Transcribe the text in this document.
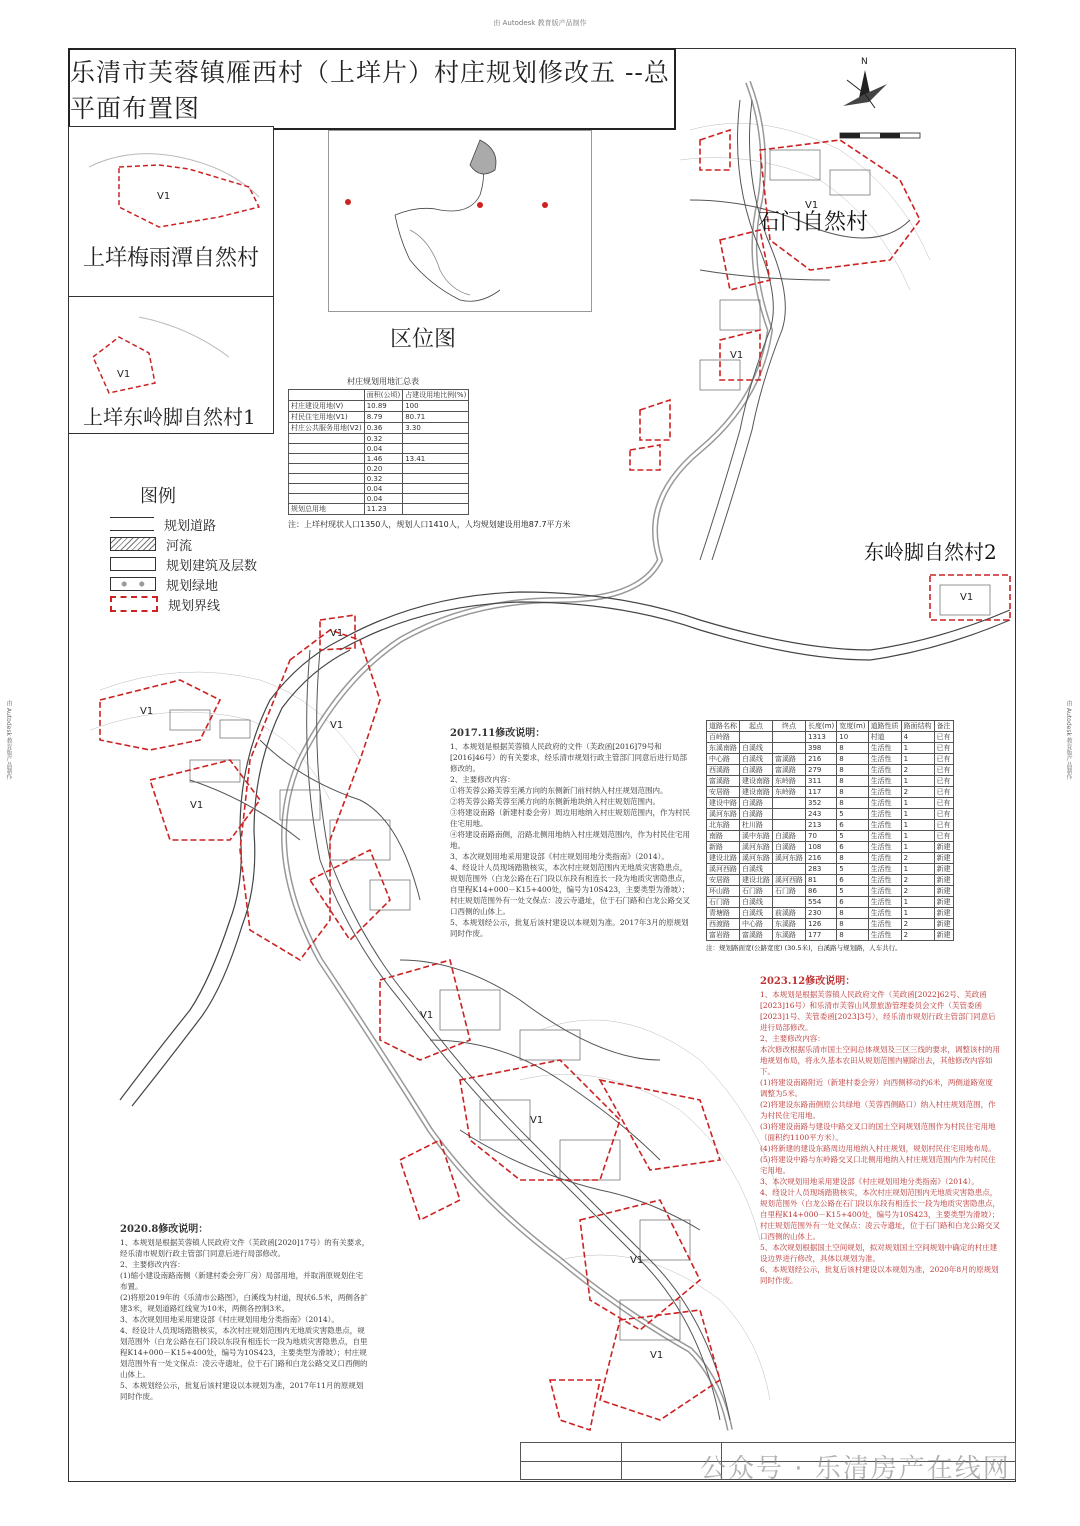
由 Autodesk 教育版产品制作
由 Autodesk 教育版产品制作	由 Autodesk 教育版产品制作
N
乐清市芙蓉镇雁西村（上垟片）村庄规划修改五 --总平面布置图
V1
上垟梅雨潭自然村
区位图
V1
上垟东岭脚自然村1
石门自然村
东岭脚自然村2
V1
V1
V1
V1
V1
V1
V1
V1
V1
V1
V1
图例
规划道路
河流
规划建筑及层数
规划绿地
规划界线
村庄规划用地汇总表
	面积(公顷)	占建设用地比例(%)
村庄建设用地(V)	10.89	100
村民住宅用地(V1)	8.79	80.71
村庄公共服务用地(V2)	0.36	3.30
	0.32	
	0.04	
	1.46	13.41
	0.20	
	0.32	
	0.04	
	0.04	
规划总用地	11.23	
注：上垟村现状人口1350人，规划人口1410人，人均规划建设用地87.7平方米
道路名称	起点	终点	长度(m)	宽度(m)	道路性质	路面结构	备注
百岭路			1313	10	村道	4	已有
东溪南路	白溪线		398	8	生活性	1	已有
中心路	白溪线	富溪路	216	8	生活性	1	已有
西溪路	白溪路	富溪路	279	8	生活性	2	已有
富溪路	建设南路	东岭路	311	8	生活性	1	已有
安居路	建设南路	东岭路	117	8	生活性	2	已有
建设中路	白溪路		352	8	生活性	1	已有
溪河东路	白溪路		243	5	生活性	1	已有
北东路	杜川路		213	6	生活性	1	已有
南路	溪中东路	白溪路	70	5	生活性	1	已有
新路	溪河东路	白溪路	108	6	生活性	1	新建
建设北路	溪河东路	溪河东路	216	8	生活性	2	新建
溪河西路	白溪线		283	5	生活性	1	新建
安居路	建设北路	溪河西路	81	6	生活性	2	新建
环山路	石门路	石门路	86	5	生活性	2	新建
石门路	白溪线		554	6	生活性	1	新建
青塘路	白溪线	前溪路	230	8	生活性	1	新建
西渡路	中心路	东溪路	126	8	生活性	2	新建
富岩路	富溪路	东溪路	177	8	生活性	2	新建
注：规划路面宽(公路宽度) (30.5米)，白溪路与规划路，人车共行。
2017.11修改说明：
1、本规划是根据芙蓉镇人民政府的文件（芙政函[2016]79号和[2016]46号）的有关要求，经乐清市规划行政主管部门同意后进行局部修改的。
2、主要修改内容：
①将芙蓉公路芙蓉至溪方向的东侧新门前村纳入村庄规划范围内。
②将芙蓉公路芙蓉至溪方向的东侧新地块纳入村庄规划范围内。
③将建设南路（新建村委会旁）周边用地纳入村庄规划范围内，作为村民住宅用地。
④将建设南路南侧，沿路北侧用地纳入村庄规划范围内，作为村民住宅用地。
3、本次规划用地采用建设部《村庄规划用地分类指南》（2014）。
4、经设计人员现场踏勘核实，本次村庄规划范围内无地质灾害隐患点，规划范围外（白龙公路在石门段以东段有相连长一段为地质灾害隐患点，自里程K14+000－K15+400处，编号为10S423，主要类型为滑坡）；村庄规划范围外有一处文保点：凌云寺遗址，位于石门路和白龙公路交叉口西侧的山体上。
5、本规划经公示，批复后该村建设以本规划为准。2017年3月的原规划同时作废。
2023.12修改说明：
1、本规划是根据芙蓉镇人民政府文件（芙政函[2022]62号、芙政函[2023]16号）和乐清市芙蓉山风景旅游管理委员会文件（芙管委函[2023]1号、芙管委函[2023]3号），经乐清市规划行政主管部门同意后进行局部修改。
2、主要修改内容：
本次修改根据乐清市国土空间总体规划及三区三线的要求，调整该村的用地规划布局，将永久基本农田从规划范围内剔除出去，其他修改内容如下。
(1)将建设南路附近（新建村委会旁）向西侧移动约6米，两侧道路宽度调整为5米。
(2)将建设东路南侧原公共绿地（芙蓉西侧路口）纳入村庄规划范围，作为村民住宅用地。
(3)将建设南路与建设中路交叉口的国土空间规划范围作为村民住宅用地（面积约1100平方米）。
(4)将新建的建设东路周边用地纳入村庄规划，规划村民住宅用地布局。
(5)将建设中路与东岭路交叉口北侧用地纳入村庄规划范围内作为村民住宅用地。
3、本次规划用地采用建设部《村庄规划用地分类指南》（2014）。
4、经设计人员现场踏勘核实，本次村庄规划范围内无地质灾害隐患点，规划范围外（白龙公路在石门段以东段有相连长一段为地质灾害隐患点，自里程K14+000－K15+400处，编号为10S423，主要类型为滑坡）；村庄规划范围外有一处文保点：凌云寺遗址，位于石门路和白龙公路交叉口西侧的山体上。
5、本次规划根据国土空间规划，拟对规划国土空间规划中确定的村庄建设边界进行修改，具体以规划为准。
6、本规划经公示，批复后该村建设以本规划为准，2020年8月的原规划同时作废。
2020.8修改说明：
1、本规划是根据芙蓉镇人民政府文件（芙政函[2020]17号）的有关要求，经乐清市规划行政主管部门同意后进行局部修改。
2、主要修改内容：
(1)缩小建设南路南侧（新建村委会旁厂房）局部用地，并取消原规划住宅布置。
(2)将原2019年的《乐清市公路图》，白溪线为村道，现状6.5米，两侧各扩建3米，规划道路红线宽为10米，两侧各控制3米。
3、本次规划用地采用建设部《村庄规划用地分类指南》（2014）。
4、经设计人员现场踏勘核实，本次村庄规划范围内无地质灾害隐患点，规划范围外（白龙公路在石门段以东段有相连长一段为地质灾害隐患点，自里程K14+000－K15+400处，编号为10S423，主要类型为滑坡）；村庄规划范围外有一处文保点：凌云寺遗址，位于石门路和白龙公路交叉口西侧的山体上。
5、本规划经公示，批复后该村建设以本规划为准，2017年11月的原规划同时作废。
公众号 · 乐清房产在线网
